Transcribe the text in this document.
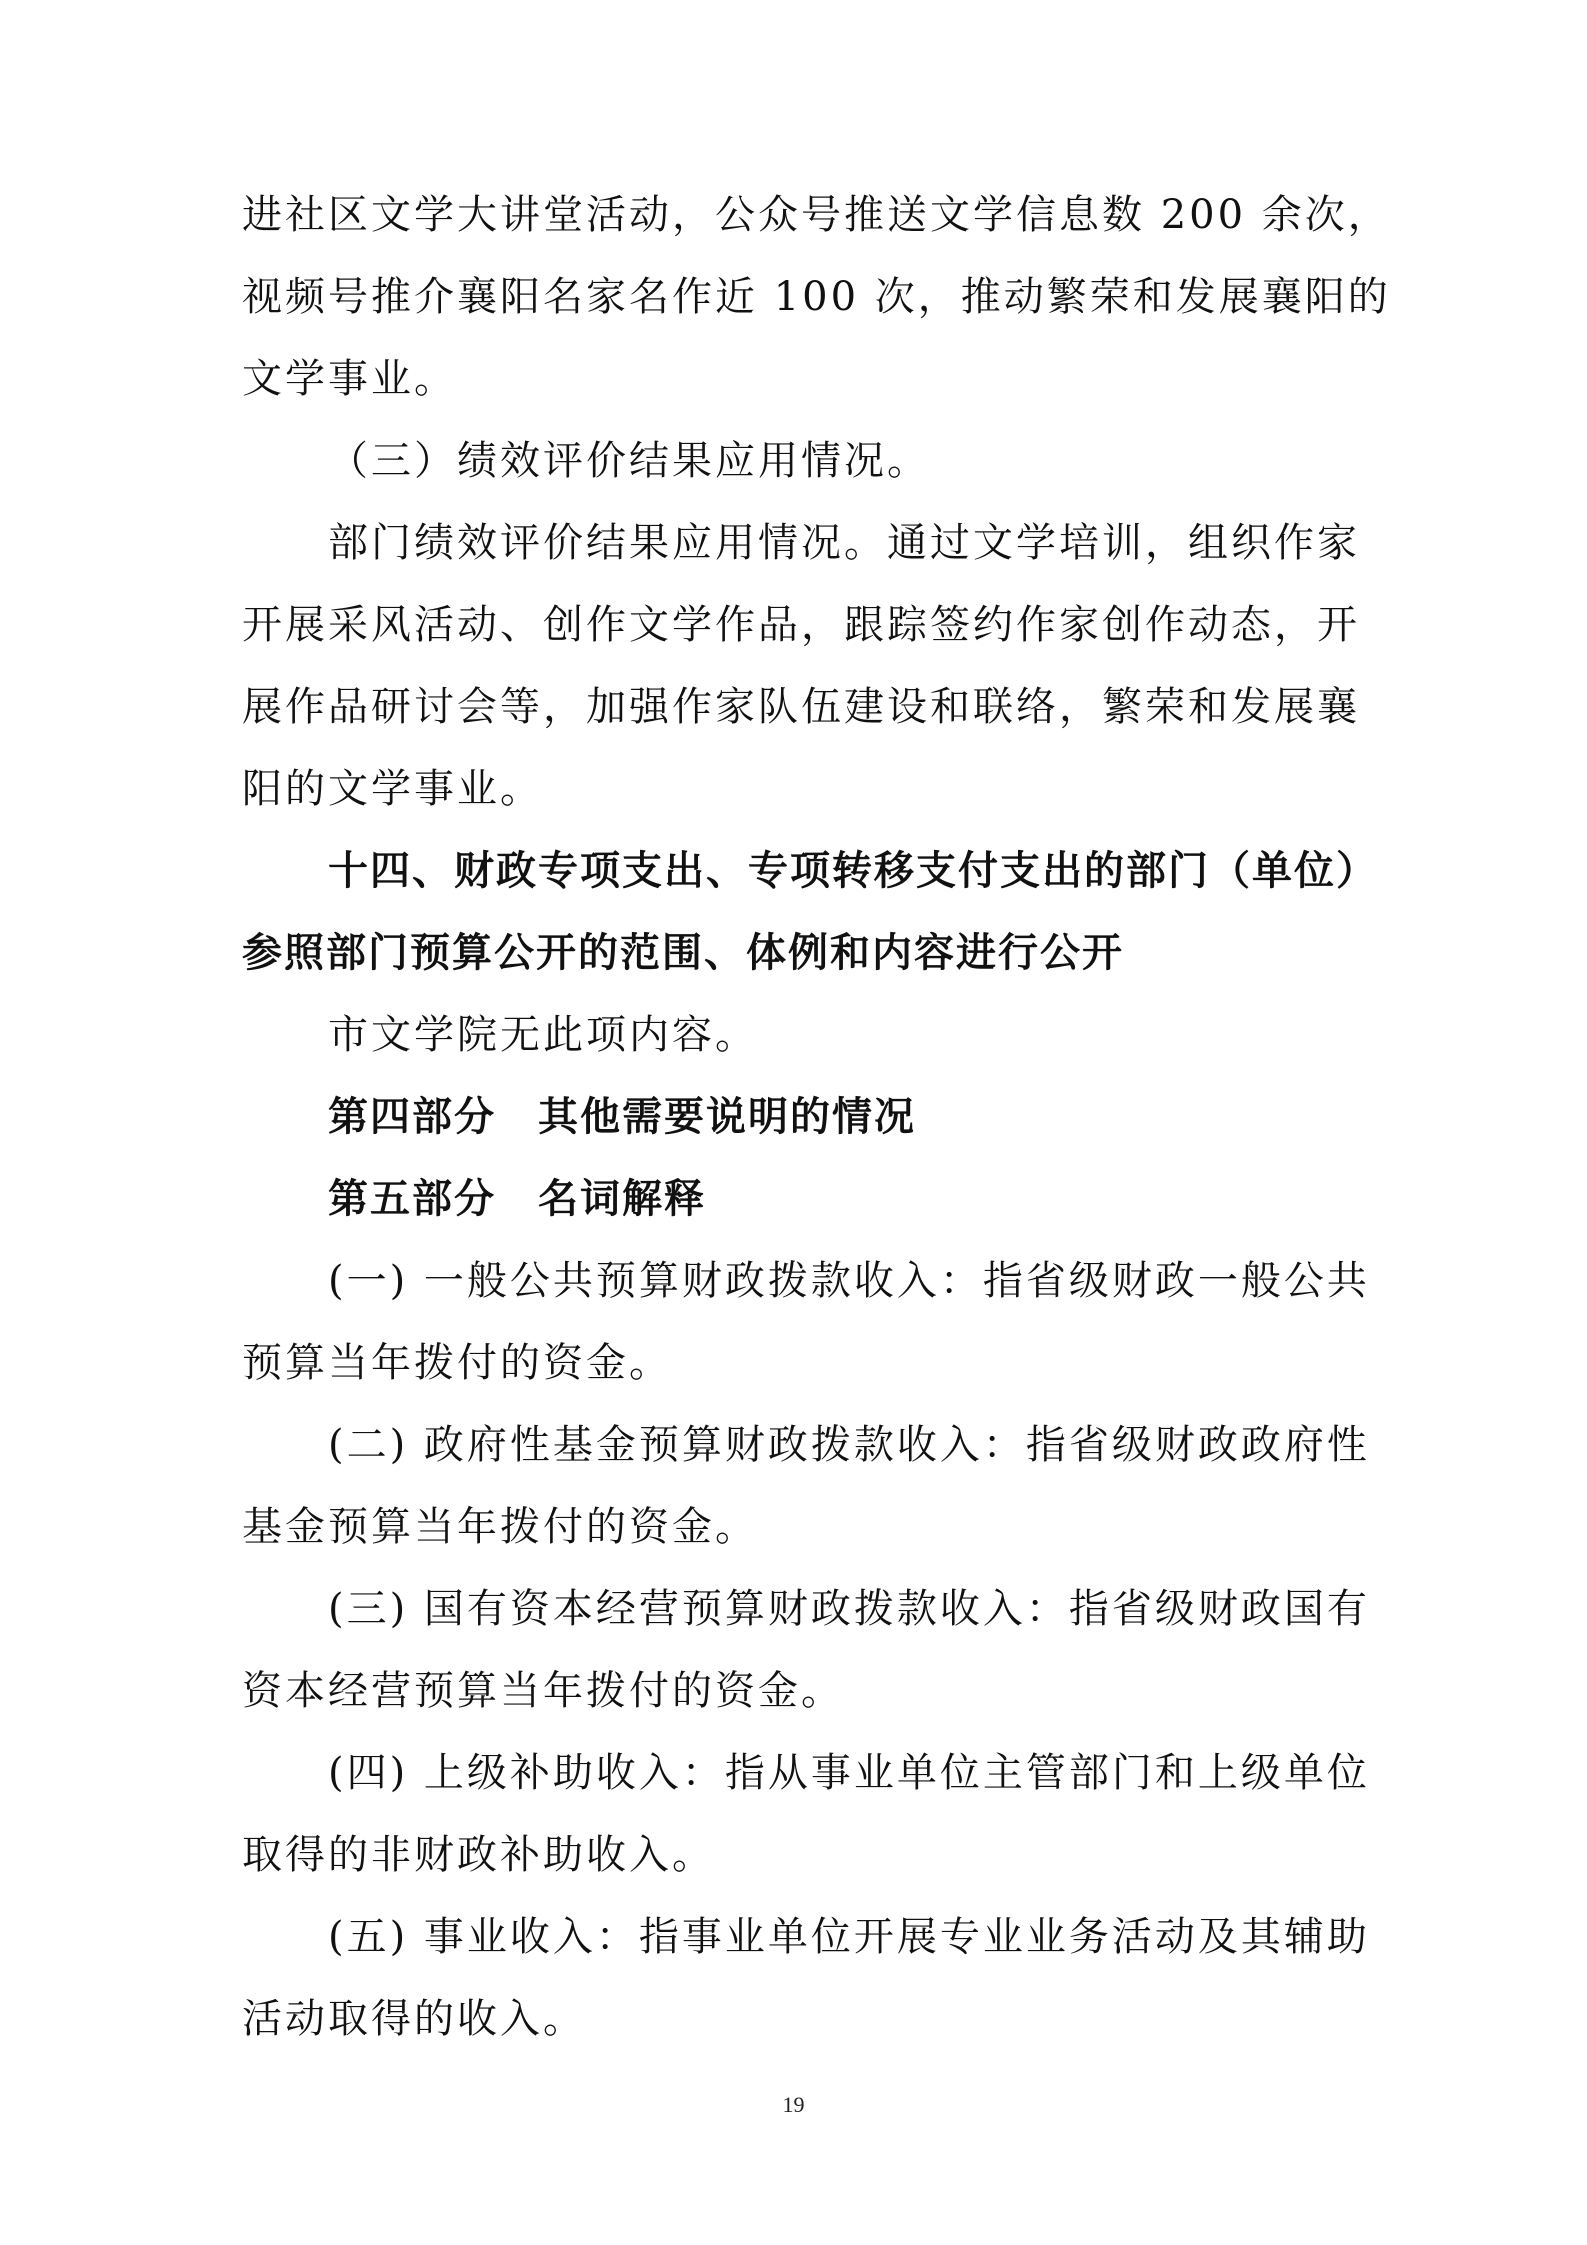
进社区文学大讲堂活动，公众号推送文学信息数 200 余次，
视频号推介襄阳名家名作近 100 次，推动繁荣和发展襄阳的
文学事业。
（三）绩效评价结果应用情况。
部门绩效评价结果应用情况。通过文学培训，组织作家
开展采风活动、创作文学作品，跟踪签约作家创作动态，开
展作品研讨会等，加强作家队伍建设和联络，繁荣和发展襄
阳的文学事业。
十四、财政专项支出、专项转移支付支出的部门（单位）
参照部门预算公开的范围、体例和内容进行公开
市文学院无此项内容。
第四部分　其他需要说明的情况
第五部分　名词解释
(一) 一般公共预算财政拨款收入：指省级财政一般公共
预算当年拨付的资金。
(二) 政府性基金预算财政拨款收入：指省级财政政府性
基金预算当年拨付的资金。
(三) 国有资本经营预算财政拨款收入：指省级财政国有
资本经营预算当年拨付的资金。
(四) 上级补助收入：指从事业单位主管部门和上级单位
取得的非财政补助收入。
(五) 事业收入：指事业单位开展专业业务活动及其辅助
活动取得的收入。
19
